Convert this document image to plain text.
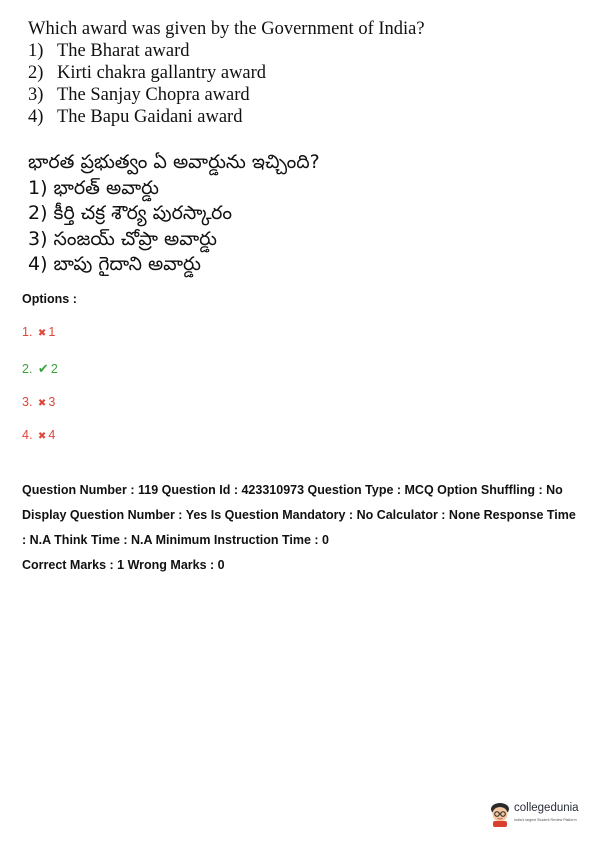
Which award was given by the Government of India?
1) The Bharat award
2) Kirti chakra gallantry award
3) The Sanjay Chopra award
4) The Bapu Gaidani award
భారత ప్రభుత్వం ఏ అవార్డును ఇచ్చింది?
1) భారత్ అవార్డు
2) కీర్తి చక్ర శౌర్య పురస్కారం
3) సంజయ్ చోప్రా అవార్డు
4) బాపు గైదాని అవార్డు
Options :
1. ✖ 1
2. ✔ 2
3. ✖ 3
4. ✖ 4

Question Number : 119 Question Id : 423310973 Question Type : MCQ Option Shuffling : No

Display Question Number : Yes Is Question Mandatory : No Calculator : None Response Time

: N.A Think Time : N.A Minimum Instruction Time : 0

Correct Marks : 1 Wrong Marks : 0

collegedunia
India's largest Student Review Platform
